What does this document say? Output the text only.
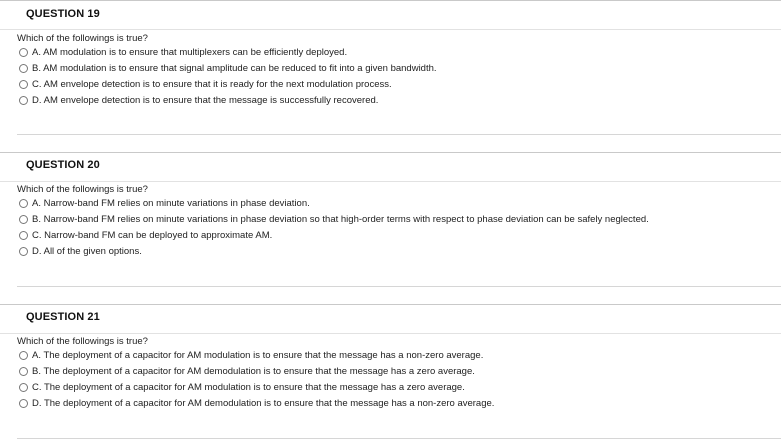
QUESTION 19
Which of the followings is true?
A. AM modulation is to ensure that multiplexers can be efficiently deployed.
B. AM modulation is to ensure that signal amplitude can be reduced to fit into a given bandwidth.
C. AM envelope detection is to ensure that it is ready for the next modulation process.
D. AM envelope detection is to ensure that the message is successfully recovered.
QUESTION 20
Which of the followings is true?
A. Narrow-band FM relies on minute variations in phase deviation.
B. Narrow-band FM relies on minute variations in phase deviation so that high-order terms with respect to phase deviation can be safely neglected.
C. Narrow-band FM can be deployed to approximate AM.
D. All of the given options.
QUESTION 21
Which of the followings is true?
A. The deployment of a capacitor for AM modulation is to ensure that the message has a non-zero average.
B. The deployment of a capacitor for AM demodulation is to ensure that the message has a zero average.
C. The deployment of a capacitor for AM modulation is to ensure that the message has a zero average.
D. The deployment of a capacitor for AM demodulation is to ensure that the message has a non-zero average.
